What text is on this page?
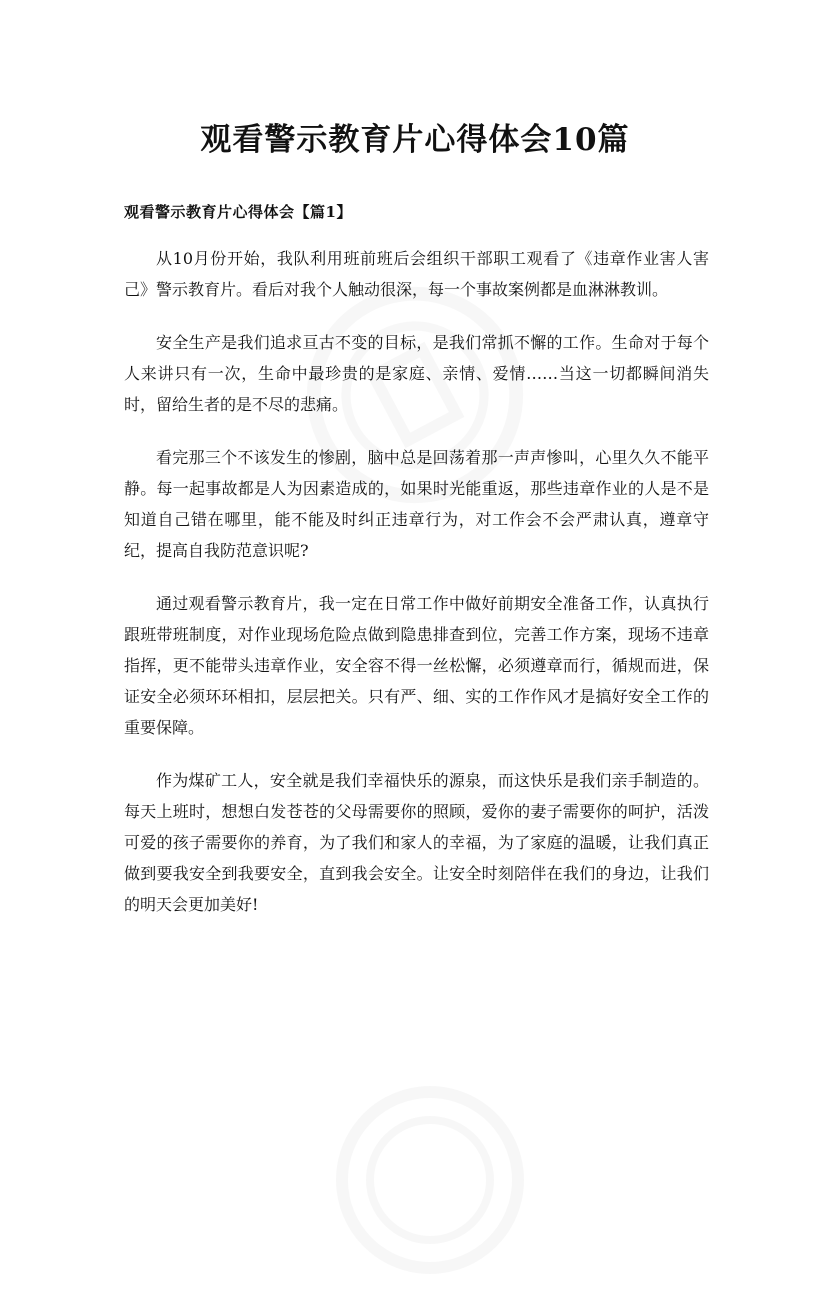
观看警示教育片心得体会10篇
观看警示教育片心得体会【篇1】

从10月份开始，我队利用班前班后会组织干部职工观看了《违章作业害人害己》警示教育片。看后对我个人触动很深，每一个事故案例都是血淋淋教训。

安全生产是我们追求亘古不变的目标，是我们常抓不懈的工作。生命对于每个人来讲只有一次，生命中最珍贵的是家庭、亲情、爱情……当这一切都瞬间消失时，留给生者的是不尽的悲痛。

看完那三个不该发生的惨剧，脑中总是回荡着那一声声惨叫，心里久久不能平静。每一起事故都是人为因素造成的，如果时光能重返，那些违章作业的人是不是知道自己错在哪里，能不能及时纠正违章行为，对工作会不会严肃认真，遵章守纪，提高自我防范意识呢?

通过观看警示教育片，我一定在日常工作中做好前期安全准备工作，认真执行跟班带班制度，对作业现场危险点做到隐患排查到位，完善工作方案，现场不违章指挥，更不能带头违章作业，安全容不得一丝松懈，必须遵章而行，循规而进，保证安全必须环环相扣，层层把关。只有严、细、实的工作作风才是搞好安全工作的重要保障。

作为煤矿工人，安全就是我们幸福快乐的源泉，而这快乐是我们亲手制造的。每天上班时，想想白发苍苍的父母需要你的照顾，爱你的妻子需要你的呵护，活泼可爱的孩子需要你的养育，为了我们和家人的幸福，为了家庭的温暖，让我们真正做到要我安全到我要安全，直到我会安全。让安全时刻陪伴在我们的身边，让我们的明天会更加美好!
